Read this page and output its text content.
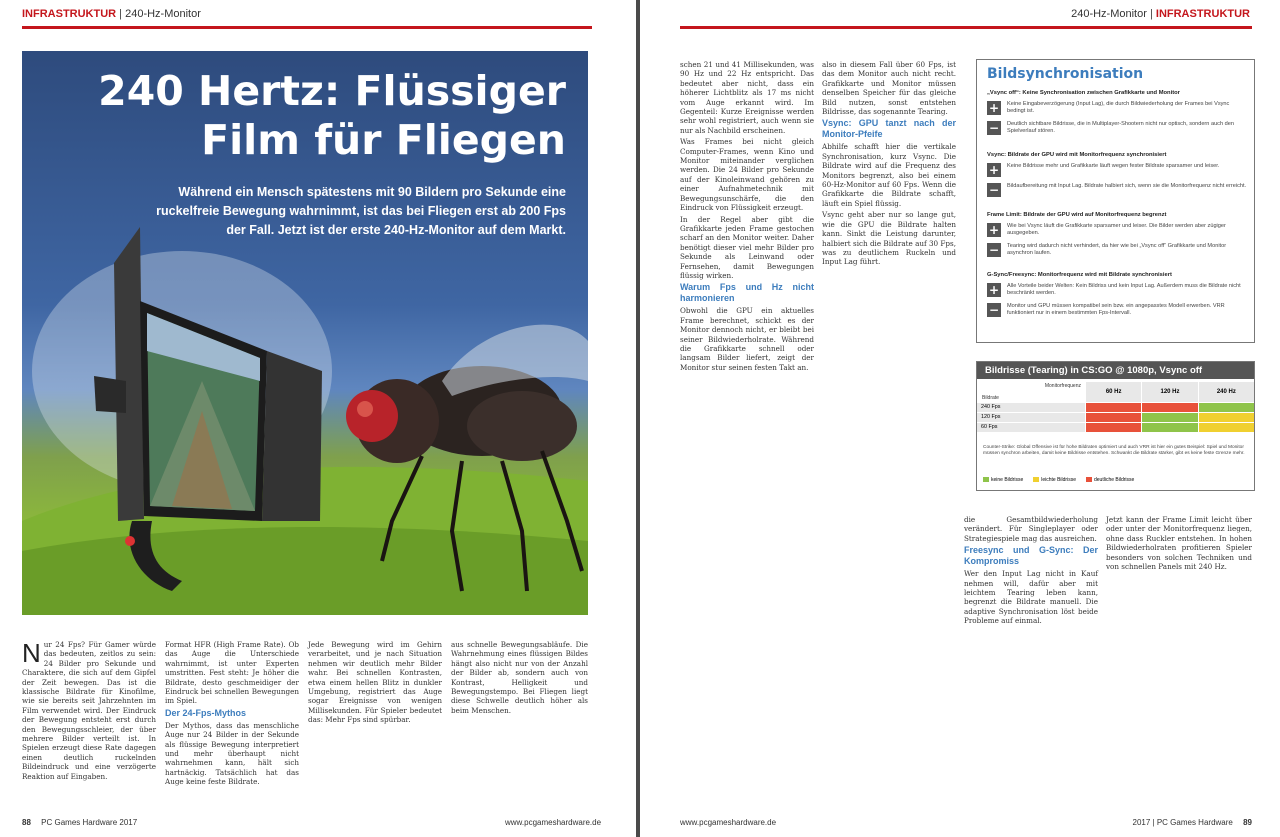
INFRASTRUKTUR | 240-Hz-Monitor
240 Hertz: Flüssiger
Film für Fliegen
Während ein Mensch spätestens mit 90 Bildern pro Sekunde eine ruckelfreie Bewegung wahrnimmt, ist das bei Fliegen erst ab 200 Fps der Fall. Jetzt ist der erste 240-Hz-Monitor auf dem Markt.

Nur 24 Fps? Für Gamer würde das bedeuten, zeitlos zu sein: 24 Bilder pro Sekunde und Charaktere, die sich auf dem Gipfel der Zeit bewegen. Das ist die klassische Bildrate für Kinofilme, wie sie bereits seit Jahrzehnten im Film verwendet wird. Der Eindruck der Bewegung entsteht erst durch den Bewegungsschleier, der über mehrere Bilder verteilt ist. In Spielen erzeugt diese Rate dagegen einen deutlich ruckelnden Bildeindruck und eine verzögerte Reaktion auf Eingaben.

Format HFR (High Frame Rate). Ob das Auge die Unterschiede wahrnimmt, ist unter Experten umstritten. Fest steht: Je höher die Bildrate, desto geschmeidiger der Eindruck bei schnellen Bewegungen im Spiel.

Der 24-Fps-Mythos

Der Mythos, dass das menschliche Auge nur 24 Bilder in der Sekunde als flüssige Bewegung interpretiert und mehr überhaupt nicht wahrnehmen kann, hält sich hartnäckig. Tatsächlich hat das Auge keine feste Bildrate.

Jede Bewegung wird im Gehirn verarbeitet, und je nach Situation nehmen wir deutlich mehr Bilder wahr. Bei schnellen Kontrasten, etwa einem hellen Blitz in dunkler Umgebung, registriert das Auge sogar Ereignisse von wenigen Millisekunden. Für Spieler bedeutet das: Mehr Fps sind spürbar.

aus schnelle Bewegungsabläufe. Die Wahrnehmung eines flüssigen Bildes hängt also nicht nur von der Anzahl der Bilder ab, sondern auch von Kontrast, Helligkeit und Bewegungstempo. Bei Fliegen liegt diese Schwelle deutlich höher als beim Menschen.

88 PC Games Hardware 2017	www.pcgameshardware.de
240-Hz-Monitor | INFRASTRUKTUR

schen 21 und 41 Millisekunden, was 90 Hz und 22 Hz entspricht. Das bedeutet aber nicht, dass ein höherer Lichtblitz als 17 ms nicht vom Auge erkannt wird. Im Gegenteil: Kurze Ereignisse werden sehr wohl registriert, auch wenn sie nur als Nachbild erscheinen.

Was Frames bei nicht gleich Computer-Frames, wenn Kino und Monitor miteinander verglichen werden. Die 24 Bilder pro Sekunde auf der Kinoleinwand gehören zu einer Aufnahmetechnik mit Bewegungsunschärfe, die den Eindruck von Flüssigkeit erzeugt.

In der Regel aber gibt die Grafikkarte jeden Frame gestochen scharf an den Monitor weiter. Daher benötigt dieser viel mehr Bilder pro Sekunde als Leinwand oder Fernsehen, damit Bewegungen flüssig wirken.

Warum Fps und Hz nicht harmonieren

Obwohl die GPU ein aktuelles Frame berechnet, schickt es der Monitor dennoch nicht, er bleibt bei seiner Bildwiederholrate. Während die Grafikkarte schnell oder langsam Bilder liefert, zeigt der Monitor stur seinen festen Takt an.

also in diesem Fall über 60 Fps, ist das dem Monitor auch nicht recht. Grafikkarte und Monitor müssen denselben Speicher für das gleiche Bild nutzen, sonst entstehen Bildrisse, das sogenannte Tearing.

Vsync: GPU tanzt nach der Monitor-Pfeife

Abhilfe schafft hier die vertikale Synchronisation, kurz Vsync. Die Bildrate wird auf die Frequenz des Monitors begrenzt, also bei einem 60-Hz-Monitor auf 60 Fps. Wenn die Grafikkarte die Bildrate schafft, läuft ein Spiel flüssig.

Vsync geht aber nur so lange gut, wie die GPU die Bildrate halten kann. Sinkt die Leistung darunter, halbiert sich die Bildrate auf 30 Fps, was zu deutlichem Ruckeln und Input Lag führt.

die Gesamtbildwiederholung verändert. Für Singleplayer oder Strategiespiele mag das ausreichen.

Freesync und G-Sync: Der Kompromiss

Wer den Input Lag nicht in Kauf nehmen will, dafür aber mit leichtem Tearing leben kann, begrenzt die Bildrate manuell. Die adaptive Synchronisation löst beide Probleme auf einmal.

Jetzt kann der Frame Limit leicht über oder unter der Monitorfrequenz liegen, ohne dass Ruckler entstehen. In hohen Bildwiederholraten profitieren Spieler besonders von solchen Techniken und von schnellen Panels mit 240 Hz.

www.pcgameshardware.de	2017 | PC Games Hardware 89
Bildsynchronisation
„Vsync off“: Keine Synchronisation zwischen Grafikkarte und Monitor
+	Keine Eingabeverzögerung (Input Lag), die durch Bildwiederholung der Frames bei Vsync bedingt ist.
−	Deutlich sichtbare Bildrisse, die in Multiplayer-Shootern nicht nur optisch, sondern auch den Spielverlauf stören.
Vsync: Bildrate der GPU wird mit Monitorfrequenz synchronisiert
+	Keine Bildrisse mehr und Grafikkarte läuft wegen fester Bildrate sparsamer und leiser.
−	Bildaufbereitung mit Input Lag. Bildrate halbiert sich, wenn sie die Monitorfrequenz nicht erreicht.
Frame Limit: Bildrate der GPU wird auf Monitorfrequenz begrenzt
+	Wie bei Vsync läuft die Grafikkarte sparsamer und leiser. Die Bilder werden aber zügiger ausgegeben.
−	Tearing wird dadurch nicht verhindert, da hier wie bei „Vsync off“ Grafikkarte und Monitor asynchron laufen.
G-Sync/Freesync: Monitorfrequenz wird mit Bildrate synchronisiert
+	Alle Vorteile beider Welten: Kein Bildriss und kein Input Lag. Außerdem muss die Bildrate nicht beschränkt werden.
−	Monitor und GPU müssen kompatibel sein bzw. ein angepasstes Modell erwerben. VRR funktioniert nur in einem bestimmten Fps-Intervall.
Bildrisse (Tearing) in CS:GO @ 1080p, Vsync off
Monitorfrequenz
Bildrate
60 Hz	120 Hz	240 Hz
240 Fps
120 Fps
60 Fps
Counter-Strike: Global Offensive ist für hohe Bildraten optimiert und auch VRR ist hier ein gutes Beispiel: Spiel und Monitor müssen synchron arbeiten, damit keine Bildrisse entstehen. Schwankt die Bildrate stärker, gibt es keine feste Grenze mehr.
keine Bildrisse	leichte Bildrisse	deutliche Bildrisse
